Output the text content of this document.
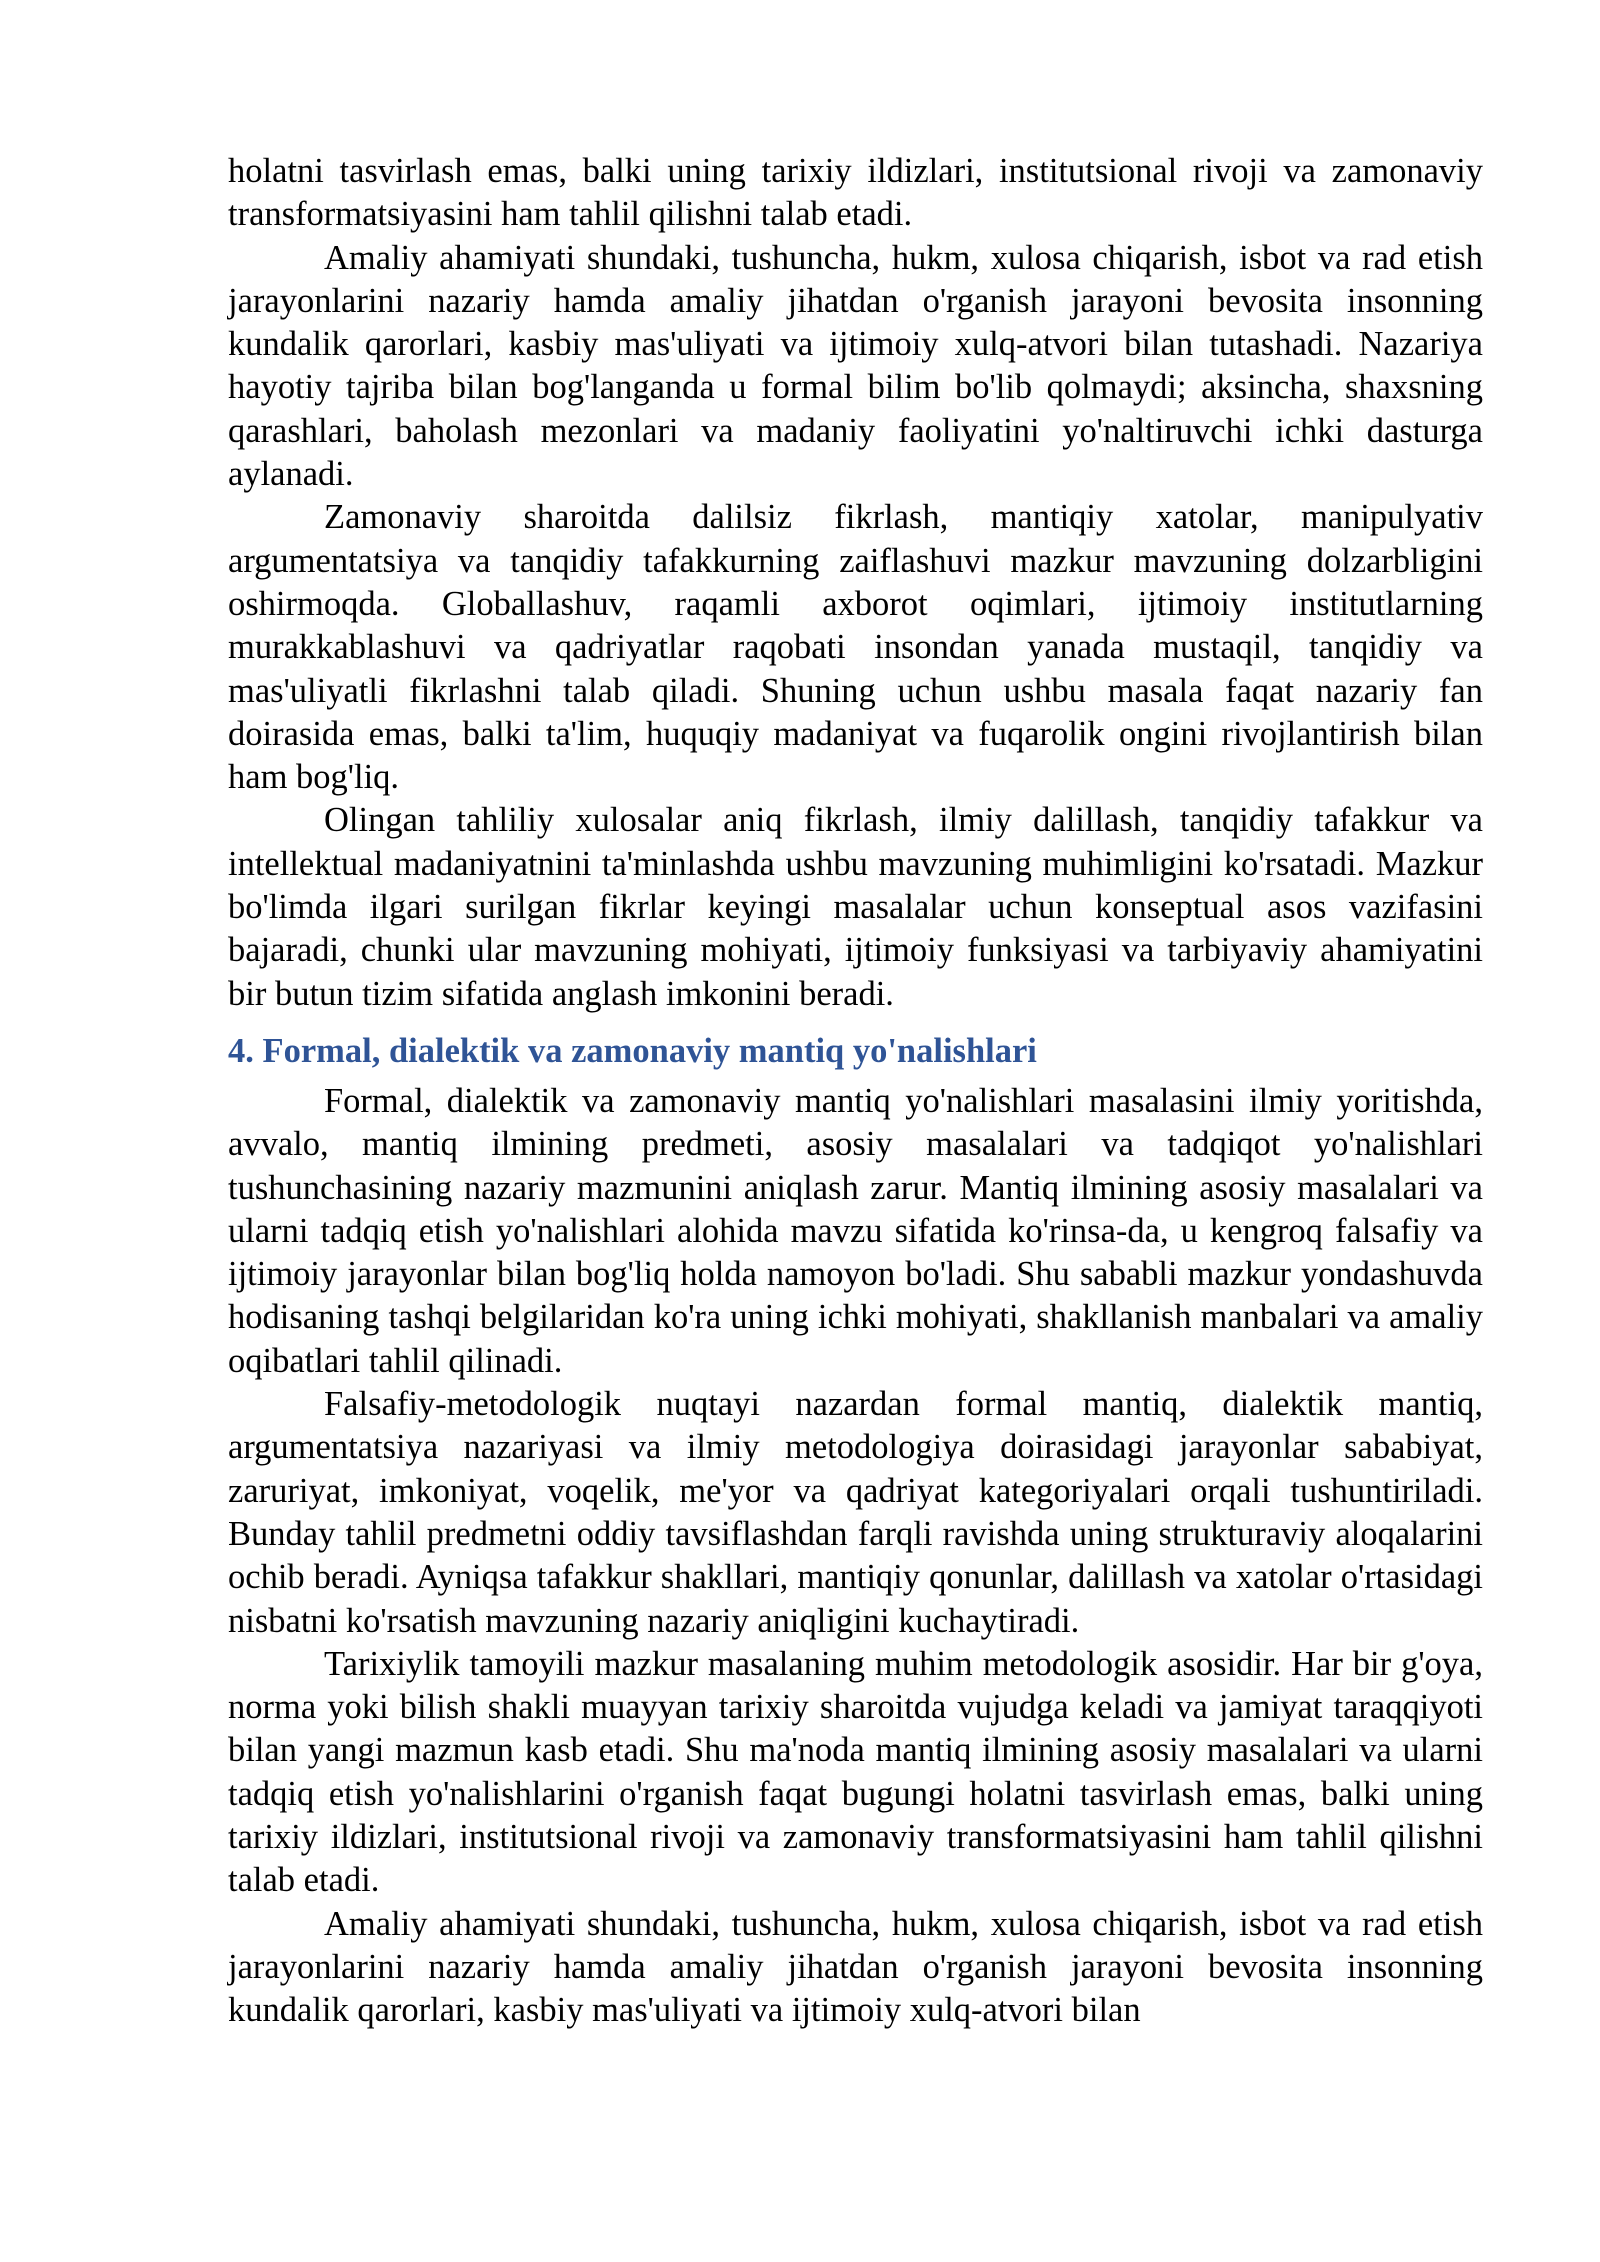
holatni tasvirlash emas, balki uning tarixiy ildizlari, institutsional rivoji va zamonaviy transformatsiyasini ham tahlil qilishni talab etadi.

Amaliy ahamiyati shundaki, tushuncha, hukm, xulosa chiqarish, isbot va rad etish jarayonlarini nazariy hamda amaliy jihatdan o'rganish jarayoni bevosita insonning kundalik qarorlari, kasbiy mas'uliyati va ijtimoiy xulq-atvori bilan tutashadi. Nazariya hayotiy tajriba bilan bog'langanda u formal bilim bo'lib qolmaydi; aksincha, shaxsning qarashlari, baholash mezonlari va madaniy faoliyatini yo'naltiruvchi ichki dasturga aylanadi.

Zamonaviy sharoitda dalilsiz fikrlash, mantiqiy xatolar, manipulyativ argumentatsiya va tanqidiy tafakkurning zaiflashuvi mazkur mavzuning dolzarbligini oshirmoqda. Globallashuv, raqamli axborot oqimlari, ijtimoiy institutlarning murakkablashuvi va qadriyatlar raqobati insondan yanada mustaqil, tanqidiy va mas'uliyatli fikrlashni talab qiladi. Shuning uchun ushbu masala faqat nazariy fan doirasida emas, balki ta'lim, huquqiy madaniyat va fuqarolik ongini rivojlantirish bilan ham bog'liq.

Olingan tahliliy xulosalar aniq fikrlash, ilmiy dalillash, tanqidiy tafakkur va intellektual madaniyatnini ta'minlashda ushbu mavzuning muhimligini ko'rsatadi. Mazkur bo'limda ilgari surilgan fikrlar keyingi masalalar uchun konseptual asos vazifasini bajaradi, chunki ular mavzuning mohiyati, ijtimoiy funksiyasi va tarbiyaviy ahamiyatini bir butun tizim sifatida anglash imkonini beradi.

4. Formal, dialektik va zamonaviy mantiq yo'nalishlari

Formal, dialektik va zamonaviy mantiq yo'nalishlari masalasini ilmiy yoritishda, avvalo, mantiq ilmining predmeti, asosiy masalalari va tadqiqot yo'nalishlari tushunchasining nazariy mazmunini aniqlash zarur. Mantiq ilmining asosiy masalalari va ularni tadqiq etish yo'nalishlari alohida mavzu sifatida ko'rinsa-da, u kengroq falsafiy va ijtimoiy jarayonlar bilan bog'liq holda namoyon bo'ladi. Shu sababli mazkur yondashuvda hodisaning tashqi belgilaridan ko'ra uning ichki mohiyati, shakllanish manbalari va amaliy oqibatlari tahlil qilinadi.

Falsafiy-metodologik nuqtayi nazardan formal mantiq, dialektik mantiq, argumentatsiya nazariyasi va ilmiy metodologiya doirasidagi jarayonlar sababiyat, zaruriyat, imkoniyat, voqelik, me'yor va qadriyat kategoriyalari orqali tushuntiriladi. Bunday tahlil predmetni oddiy tavsiflashdan farqli ravishda uning strukturaviy aloqalarini ochib beradi. Ayniqsa tafakkur shakllari, mantiqiy qonunlar, dalillash va xatolar o'rtasidagi nisbatni ko'rsatish mavzuning nazariy aniqligini kuchaytiradi.

Tarixiylik tamoyili mazkur masalaning muhim metodologik asosidir. Har bir g'oya, norma yoki bilish shakli muayyan tarixiy sharoitda vujudga keladi va jamiyat taraqqiyoti bilan yangi mazmun kasb etadi. Shu ma'noda mantiq ilmining asosiy masalalari va ularni tadqiq etish yo'nalishlarini o'rganish faqat bugungi holatni tasvirlash emas, balki uning tarixiy ildizlari, institutsional rivoji va zamonaviy transformatsiyasini ham tahlil qilishni talab etadi.

Amaliy ahamiyati shundaki, tushuncha, hukm, xulosa chiqarish, isbot va rad etish jarayonlarini nazariy hamda amaliy jihatdan o'rganish jarayoni bevosita insonning kundalik qarorlari, kasbiy mas'uliyati va ijtimoiy xulq-atvori bilan
